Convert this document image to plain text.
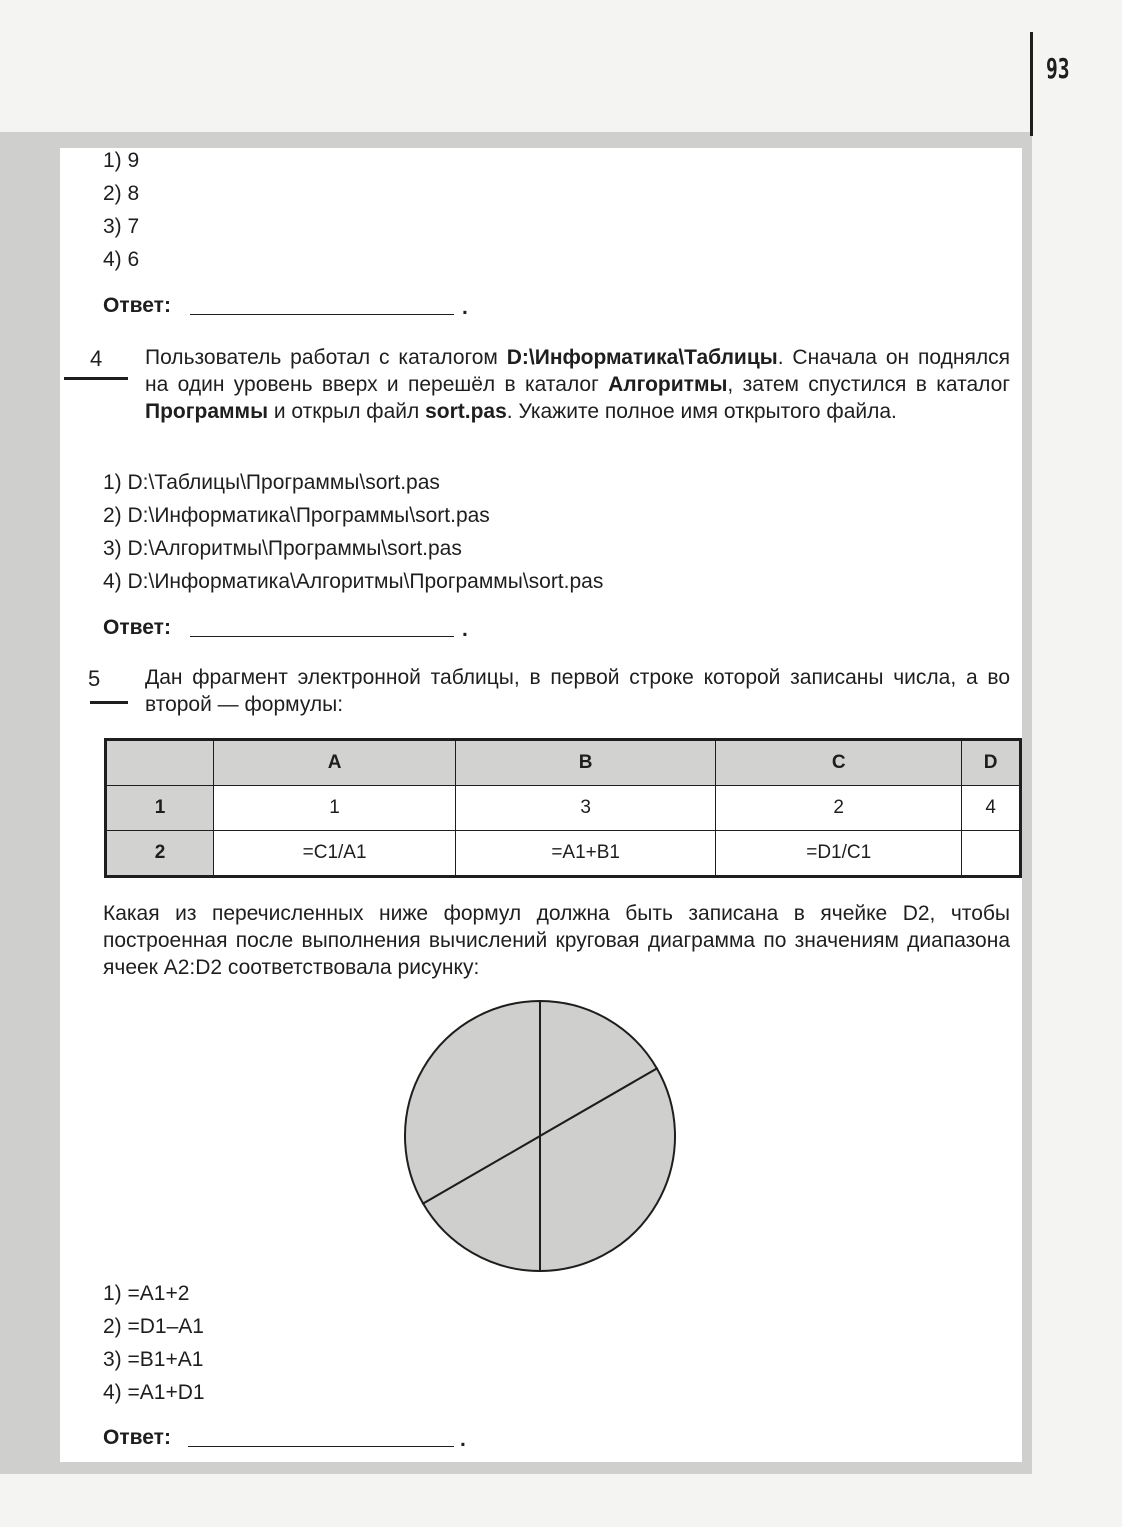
93
1) 9
2) 8
3) 7
4) 6
Ответ:	.
4 Пользователь работал с каталогом D:\Информатика\Таблицы. Сначала он поднялся на один уровень вверх и перешёл в каталог Алгоритмы, затем спустился в каталог Программы и открыл файл sort.pas. Укажите полное имя открытого файла.
1) D:\Таблицы\Программы\sort.pas
2) D:\Информатика\Программы\sort.pas
3) D:\Алгоритмы\Программы\sort.pas
4) D:\Информатика\Алгоритмы\Программы\sort.pas
Ответ:	.
5 Дан фрагмент электронной таблицы, в первой строке которой записаны числа, а во второй — формулы:
	A	B	C	D
1	1	3	2	4
2	=C1/A1	=A1+B1	=D1/C1	
Какая из перечисленных ниже формул должна быть записана в ячейке D2, чтобы построенная после выполнения вычислений круговая диаграмма по значениям диапазона ячеек A2:D2 соответствовала рисунку:
1) =A1+2
2) =D1–A1
3) =B1+A1
4) =A1+D1
Ответ:	.
